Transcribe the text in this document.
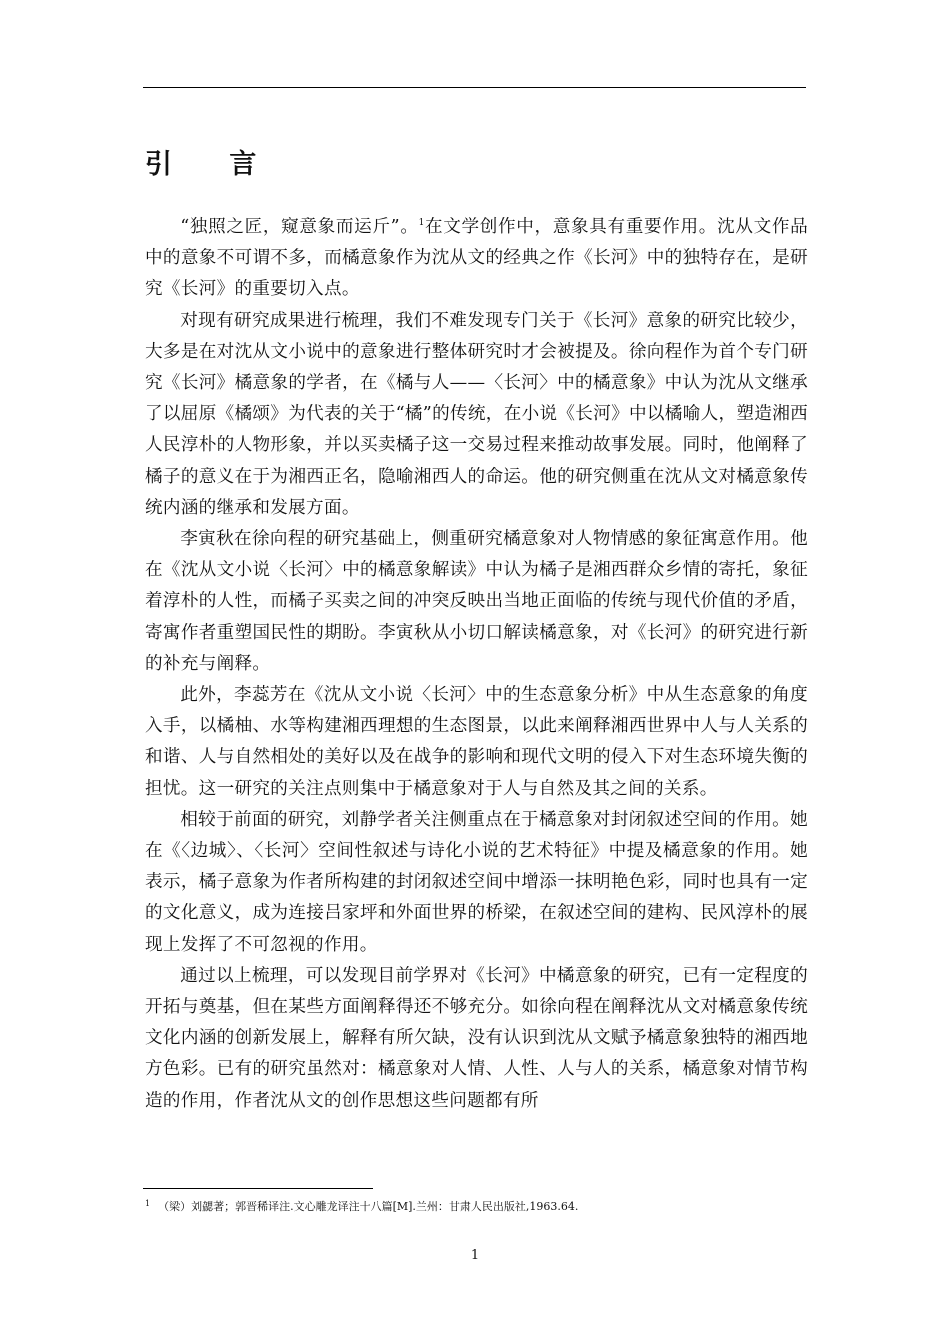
引 言

“独照之匠，窥意象而运斤”。$^1$在文学创作中，意象具有重要作用。沈从文作品中的意象不可谓不多，而橘意象作为沈从文的经典之作《长河》中的独特存在，是研究《长河》的重要切入点。

对现有研究成果进行梳理，我们不难发现专门关于《长河》意象的研究比较少，大多是在对沈从文小说中的意象进行整体研究时才会被提及。徐向程作为首个专门研究《长河》橘意象的学者，在《橘与人——〈长河〉中的橘意象》中认为沈从文继承了以屈原《橘颂》为代表的关于“橘”的传统，在小说《长河》中以橘喻人，塑造湘西人民淳朴的人物形象，并以买卖橘子这一交易过程来推动故事发展。同时，他阐释了橘子的意义在于为湘西正名，隐喻湘西人的命运。他的研究侧重在沈从文对橘意象传统内涵的继承和发展方面。

李寅秋在徐向程的研究基础上，侧重研究橘意象对人物情感的象征寓意作用。他在《沈从文小说〈长河〉中的橘意象解读》中认为橘子是湘西群众乡情的寄托，象征着淳朴的人性，而橘子买卖之间的冲突反映出当地正面临的传统与现代价值的矛盾，寄寓作者重塑国民性的期盼。李寅秋从小切口解读橘意象，对《长河》的研究进行新的补充与阐释。

此外，李蕊芳在《沈从文小说〈长河〉中的生态意象分析》中从生态意象的角度入手，以橘柚、水等构建湘西理想的生态图景，以此来阐释湘西世界中人与人关系的和谐、人与自然相处的美好以及在战争的影响和现代文明的侵入下对生态环境失衡的担忧。这一研究的关注点则集中于橘意象对于人与自然及其之间的关系。

相较于前面的研究，刘静学者关注侧重点在于橘意象对封闭叙述空间的作用。她在《〈边城〉、〈长河〉空间性叙述与诗化小说的艺术特征》中提及橘意象的作用。她表示，橘子意象为作者所构建的封闭叙述空间中增添一抹明艳色彩，同时也具有一定的文化意义，成为连接吕家坪和外面世界的桥梁，在叙述空间的建构、民风淳朴的展现上发挥了不可忽视的作用。

通过以上梳理，可以发现目前学界对《长河》中橘意象的研究，已有一定程度的开拓与奠基，但在某些方面阐释得还不够充分。如徐向程在阐释沈从文对橘意象传统文化内涵的创新发展上，解释有所欠缺，没有认识到沈从文赋予橘意象独特的湘西地方色彩。已有的研究虽然对：橘意象对人情、人性、人与人的关系，橘意象对情节构造的作用，作者沈从文的创作思想这些问题都有所

$^1$ （梁）刘勰著；郭晋稀译注.文心雕龙译注十八篇[M].兰州：甘肃人民出版社,1963.64.
1
